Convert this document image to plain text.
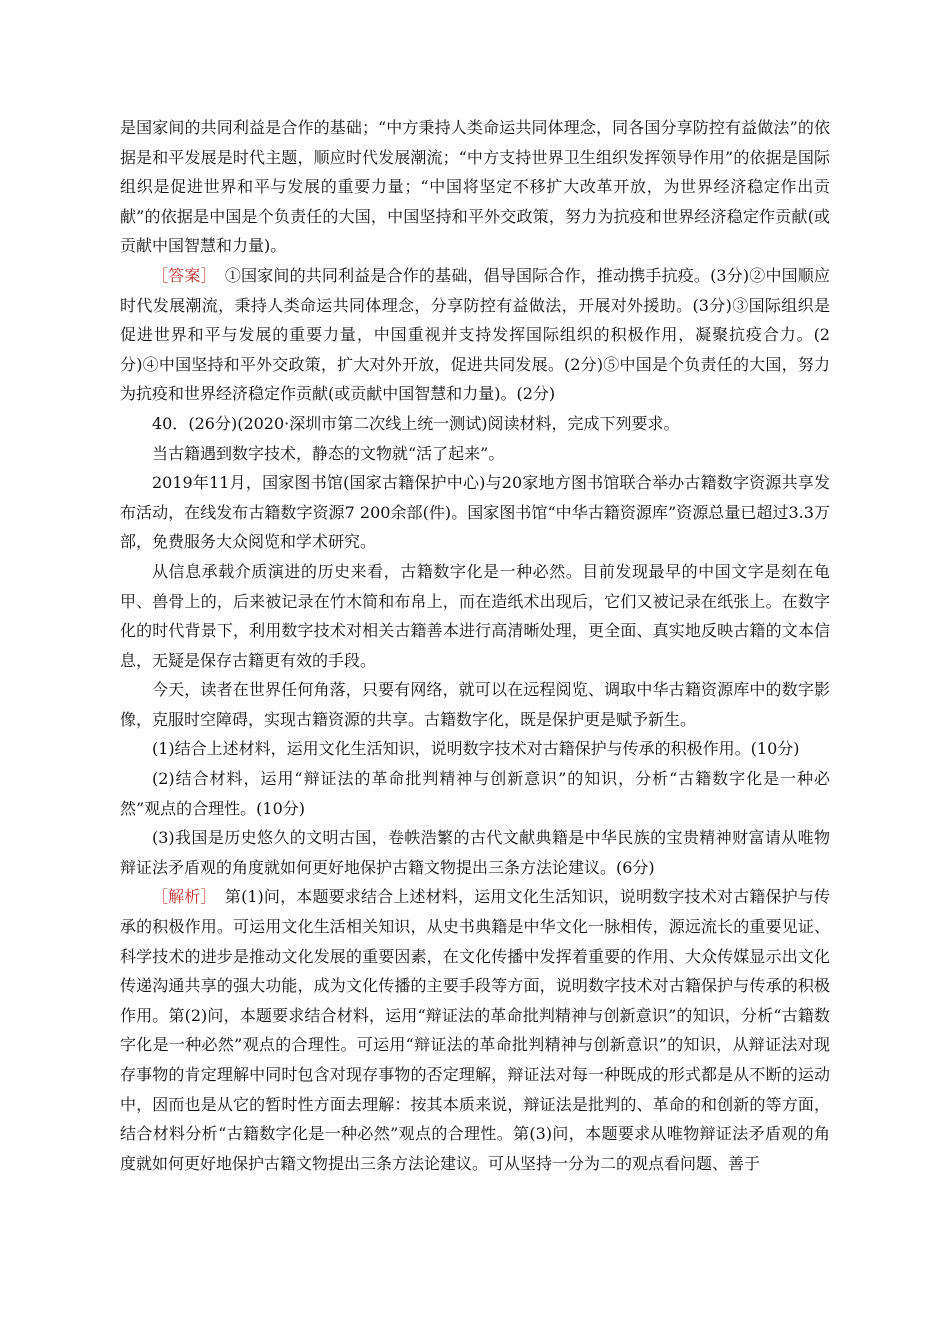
是国家间的共同利益是合作的基础；“中方秉持人类命运共同体理念，同各国分享防控有益做法”的依据是和平发展是时代主题，顺应时代发展潮流；“中方支持世界卫生组织发挥领导作用”的依据是国际组织是促进世界和平与发展的重要力量；“中国将坚定不移扩大改革开放，为世界经济稳定作出贡献”的依据是中国是个负责任的大国，中国坚持和平外交政策，努力为抗疫和世界经济稳定作贡献(或贡献中国智慧和力量)。

［答案］　①国家间的共同利益是合作的基础，倡导国际合作，推动携手抗疫。(3分)②中国顺应时代发展潮流，秉持人类命运共同体理念，分享防控有益做法，开展对外援助。(3分)③国际组织是促进世界和平与发展的重要力量，中国重视并支持发挥国际组织的积极作用，凝聚抗疫合力。(2分)④中国坚持和平外交政策，扩大对外开放，促进共同发展。(2分)⑤中国是个负责任的大国，努力为抗疫和世界经济稳定作贡献(或贡献中国智慧和力量)。(2分)

40．(26分)(2020·深圳市第二次线上统一测试)阅读材料，完成下列要求。

当古籍遇到数字技术，静态的文物就“活了起来”。

2019年11月，国家图书馆(国家古籍保护中心)与20家地方图书馆联合举办古籍数字资源共享发布活动，在线发布古籍数字资源7 200余部(件)。国家图书馆“中华古籍资源库”资源总量已超过3.3万部，免费服务大众阅览和学术研究。

从信息承载介质演进的历史来看，古籍数字化是一种必然。目前发现最早的中国文字是刻在龟甲、兽骨上的，后来被记录在竹木简和布帛上，而在造纸术出现后，它们又被记录在纸张上。在数字化的时代背景下，利用数字技术对相关古籍善本进行高清晰处理，更全面、真实地反映古籍的文本信息，无疑是保存古籍更有效的手段。

今天，读者在世界任何角落，只要有网络，就可以在远程阅览、调取中华古籍资源库中的数字影像，克服时空障碍，实现古籍资源的共享。古籍数字化，既是保护更是赋予新生。

(1)结合上述材料，运用文化生活知识，说明数字技术对古籍保护与传承的积极作用。(10分)

(2)结合材料，运用“辩证法的革命批判精神与创新意识”的知识，分析“古籍数字化是一种必然”观点的合理性。(10分)

(3)我国是历史悠久的文明古国，卷帙浩繁的古代文献典籍是中华民族的宝贵精神财富请从唯物辩证法矛盾观的角度就如何更好地保护古籍文物提出三条方法论建议。(6分)

［解析］　第(1)问，本题要求结合上述材料，运用文化生活知识，说明数字技术对古籍保护与传承的积极作用。可运用文化生活相关知识，从史书典籍是中华文化一脉相传，源远流长的重要见证、科学技术的进步是推动文化发展的重要因素，在文化传播中发挥着重要的作用、大众传媒显示出文化传递沟通共享的强大功能，成为文化传播的主要手段等方面，说明数字技术对古籍保护与传承的积极作用。第(2)问，本题要求结合材料，运用“辩证法的革命批判精神与创新意识”的知识，分析“古籍数字化是一种必然”观点的合理性。可运用“辩证法的革命批判精神与创新意识”的知识，从辩证法对现存事物的肯定理解中同时包含对现存事物的否定理解，辩证法对每一种既成的形式都是从不断的运动中，因而也是从它的暂时性方面去理解：按其本质来说，辩证法是批判的、革命的和创新的等方面，结合材料分析“古籍数字化是一种必然”观点的合理性。第(3)问，本题要求从唯物辩证法矛盾观的角度就如何更好地保护古籍文物提出三条方法论建议。可从坚持一分为二的观点看问题、善于
